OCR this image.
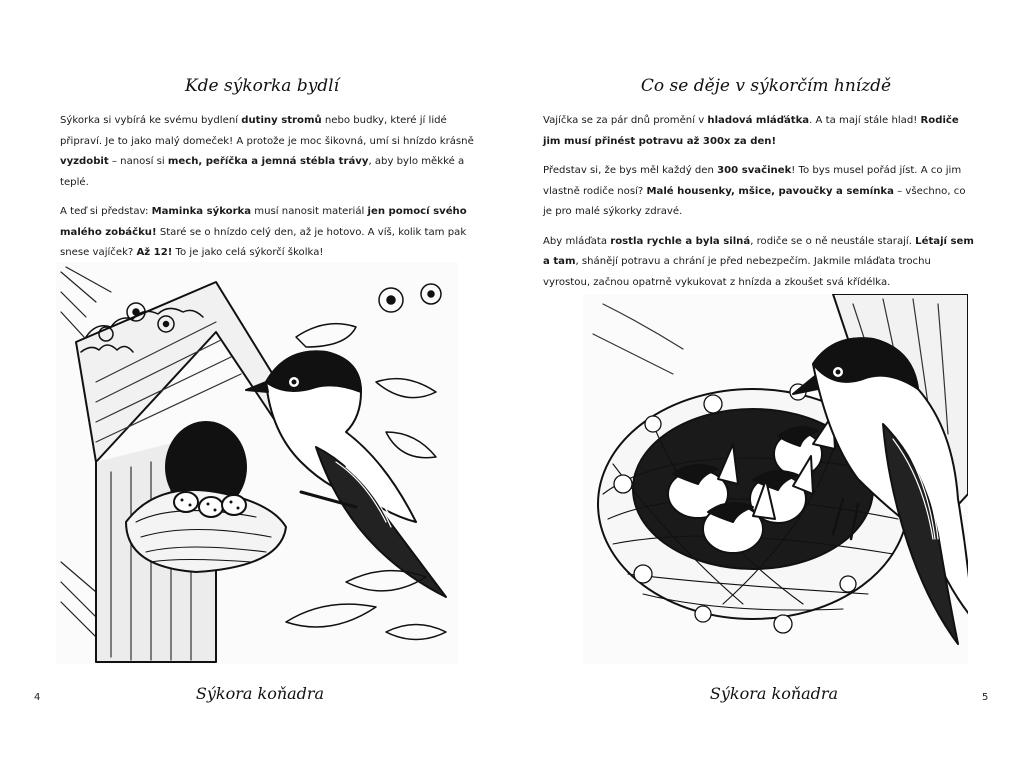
Kde sýkorka bydlí

Sýkorka si vybírá ke svému bydlení dutiny stromů nebo budky, které jí lidé připraví. Je to jako malý domeček! A protože je moc šikovná, umí si hnízdo krásně vyzdobit – nanosí si mech, peříčka a jemná stébla trávy, aby bylo měkké a teplé.

A teď si představ: Maminka sýkorka musí nanosit materiál jen pomocí svého malého zobáčku! Staré se o hnízdo celý den, až je hotovo. A víš, kolik tam pak snese vajíček? Až 12! To je jako celá sýkorčí školka!

Sýkora koňadra
4
Co se děje v sýkorčím hnízdě

Vajíčka se za pár dnů promění v hladová mláďátka. A ta mají stále hlad! Rodiče jim musí přinést potravu až 300x za den!

Představ si, že bys měl každý den 300 svačinek! To bys musel pořád jíst. A co jim vlastně rodiče nosí? Malé housenky, mšice, pavoučky a semínka – všechno, co je pro malé sýkorky zdravé.

Aby mláďata rostla rychle a byla silná, rodiče se o ně neustále starají. Létají sem a tam, shánějí potravu a chrání je před nebezpečím. Jakmile mláďata trochu vyrostou, začnou opatrně vykukovat z hnízda a zkoušet svá křídélka.

Sýkora koňadra	5
